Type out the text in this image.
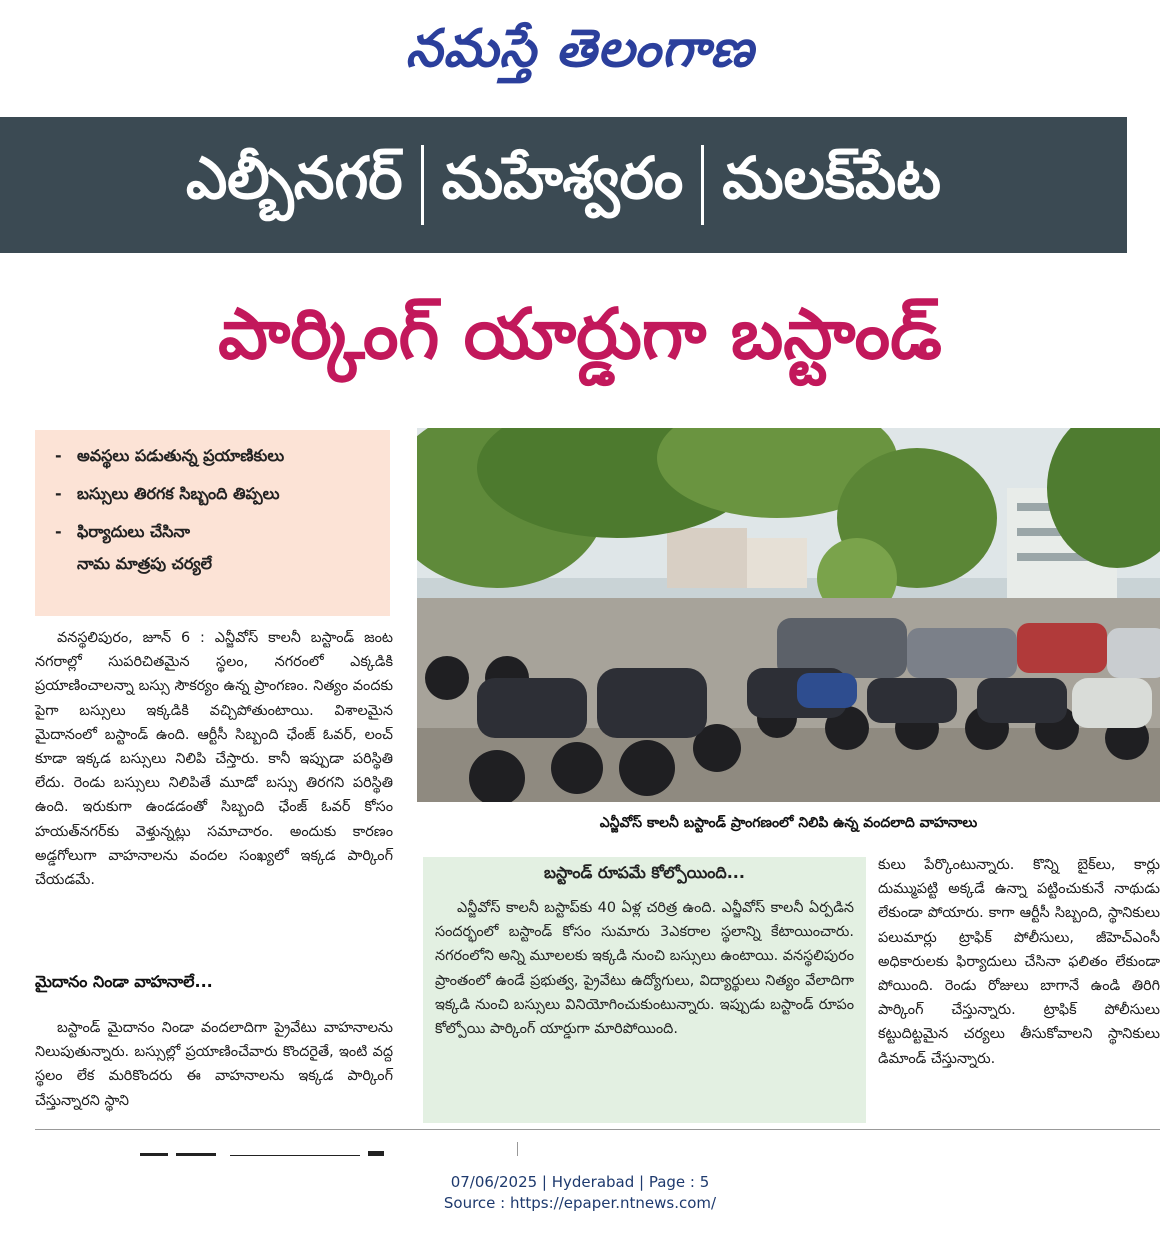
నమస్తే తెలంగాణ
ఎల్బీనగర్ మహేశ్వరం మలక్‌పేట
పార్కింగ్ యార్డుగా బస్టాండ్
- అవస్థలు పడుతున్న ప్రయాణికులు
- బస్సులు తిరగక సిబ్బంది తిప్పలు
- ఫిర్యాదులు చేసినా
నామ మాత్రపు చర్యలే
ఎన్జీవోస్ కాలనీ బస్టాండ్ ప్రాంగణంలో నిలిపి ఉన్న వందలాది వాహనాలు

వనస్థలిపురం, జూన్ 6 : ఎన్జీవోస్ కాలనీ బస్టాండ్ జంట నగరాల్లో సుపరిచితమైన స్థలం, నగరంలో ఎక్కడికి ప్రయాణించాలన్నా బస్సు సౌకర్యం ఉన్న ప్రాంగణం. నిత్యం వందకు పైగా బస్సులు ఇక్కడికి వచ్చిపోతుంటాయి. విశాలమైన మైదానంలో బస్టాండ్ ఉంది. ఆర్టీసీ సిబ్బంది ఛేంజ్ ఓవర్, లంచ్ కూడా ఇక్కడ బస్సులు నిలిపి చేస్తారు. కానీ ఇప్పుడా పరిస్థితి లేదు. రెండు బస్సులు నిలిపితే మూడో బస్సు తిరగని పరిస్థితి ఉంది. ఇరుకుగా ఉండడంతో సిబ్బంది ఛేంజ్ ఓవర్ కోసం హయత్‌నగర్‌కు వెళ్తున్నట్లు సమాచారం. అందుకు కారణం అడ్డగోలుగా వాహనాలను వందల సంఖ్యలో ఇక్కడ పార్కింగ్ చేయడమే.

మైదానం నిండా వాహనాలే...

బస్టాండ్ మైదానం నిండా వందలాదిగా ప్రైవేటు వాహనాలను నిలుపుతున్నారు. బస్సుల్లో ప్రయాణించేవారు కొందరైతే, ఇంటి వద్ద స్థలం లేక మరికొందరు ఈ వాహనాలను ఇక్కడ పార్కింగ్ చేస్తున్నారని స్థాని

బస్టాండ్ రూపమే కోల్పోయింది...

ఎన్జీవోస్ కాలనీ బస్టాప్‌కు 40 ఏళ్ల చరిత్ర ఉంది. ఎన్జీవోస్ కాలనీ ఏర్పడిన సందర్భంలో బస్టాండ్ కోసం సుమారు 3ఎకరాల స్థలాన్ని కేటాయించారు. నగరంలోని అన్ని మూలలకు ఇక్కడి నుంచి బస్సులు ఉంటాయి. వనస్థలిపురం ప్రాంతంలో ఉండే ప్రభుత్వ, ప్రైవేటు ఉద్యోగులు, విద్యార్థులు నిత్యం వేలాదిగా ఇక్కడి నుంచి బస్సులు వినియోగించుకుంటున్నారు. ఇప్పుడు బస్టాండ్ రూపం కోల్పోయి పార్కింగ్ యార్డుగా మారిపోయింది.

కులు పేర్కొంటున్నారు. కొన్ని బైక్‌లు, కార్లు దుమ్ముపట్టి అక్కడే ఉన్నా పట్టించుకునే నాథుడు లేకుండా పోయారు. కాగా ఆర్టీసీ సిబ్బంది, స్థానికులు పలుమార్లు ట్రాఫిక్ పోలీసులు, జీహెచ్‌ఎంసీ అధికారులకు ఫిర్యాదులు చేసినా ఫలితం లేకుండా పోయింది. రెండు రోజులు బాగానే ఉండి తిరిగి పార్కింగ్ చేస్తున్నారు. ట్రాఫిక్ పోలీసులు కట్టుదిట్టమైన చర్యలు తీసుకోవాలని స్థానికులు డిమాండ్ చేస్తున్నారు.

07/06/2025 | Hyderabad | Page : 5
Source : https://epaper.ntnews.com/
